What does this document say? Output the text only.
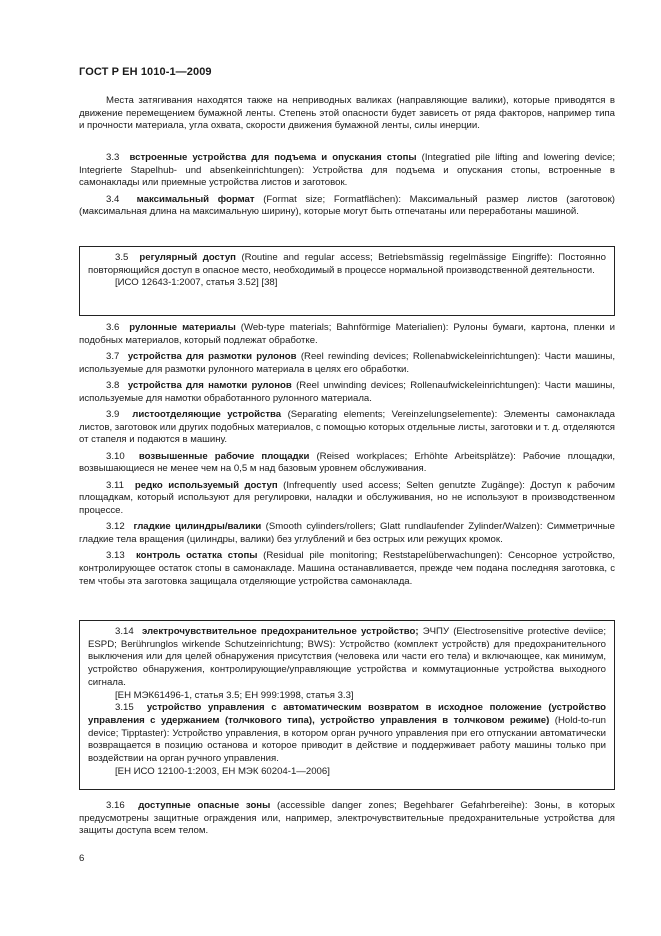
ГОСТ Р ЕН 1010-1—2009

Места затягивания находятся также на неприводных валиках (направляющие валики), которые приводятся в движение перемещением бумажной ленты. Степень этой опасности будет зависеть от ряда факторов, например типа и прочности материала, угла охвата, скорости движения бумажной ленты, силы инерции.

3.3 встроенные устройства для подъема и опускания стопы (Integratied pile lifting and lowering device; Integrierte Stapelhub- und absenkeinrichtungen): Устройства для подъема и опускания стопы, встроенные в самонаклады или приемные устройства листов и заготовок.

3.4 максимальный формат (Format size; Formatflächen): Максимальный размер листов (заготовок) (максимальная длина на максимальную ширину), которые могут быть отпечатаны или переработаны машиной.

3.5 регулярный доступ (Routine and regular access; Betriebsmässig regelmässige Eingriffe): Постоянно повторяющийся доступ в опасное место, необходимый в процессе нормальной производственной деятельности.

[ИСО 12643-1:2007, статья 3.52] [38]

3.6 рулонные материалы (Web-type materials; Bahnförmige Materialien): Рулоны бумаги, картона, пленки и подобных материалов, который подлежат обработке.

3.7 устройства для размотки рулонов (Reel rewinding devices; Rollenabwickeleinrichtungen): Части машины, используемые для размотки рулонного материала в целях его обработки.

3.8 устройства для намотки рулонов (Reel unwinding devices; Rollenaufwickeleinrichtungen): Части машины, используемые для намотки обработанного рулонного материала.

3.9 листоотделяющие устройства (Separating elements; Vereinzelungselemente): Элементы самонаклада листов, заготовок или других подобных материалов, с помощью которых отдельные листы, заготовки и т. д. отделяются от стапеля и подаются в машину.

3.10 возвышенные рабочие площадки (Reised workplaces; Erhöhte Arbeitsplätze): Рабочие площадки, возвышающиеся не менее чем на 0,5 м над базовым уровнем обслуживания.

3.11 редко используемый доступ (Infrequently used access; Selten genutzte Zugänge): Доступ к рабочим площадкам, который используют для регулировки, наладки и обслуживания, но не используют в производственном процессе.

3.12 гладкие цилиндры/валики (Smooth cylinders/rollers; Glatt rundlaufender Zylinder/Walzen): Симметричные гладкие тела вращения (цилиндры, валики) без углублений и без острых или режущих кромок.

3.13 контроль остатка стопы (Residual pile monitoring; Reststapelüberwachungen): Сенсорное устройство, контролирующее остаток стопы в самонакладе. Машина останавливается, прежде чем подана последняя заготовка, с тем чтобы эта заготовка защищала отделяющие устройства самонаклада.

3.14 электрочувствительное предохранительное устройство; ЭЧПУ (Electrosensitive protective deviice; ESPD; Berührunglos wirkende Schutzeinrichtung; BWS): Устройство (комплект устройств) для предохранительного выключения или для целей обнаружения присутствия (человека или части его тела) и включающее, как минимум, устройство обнаружения, контролирующие/управляющие устройства и коммутационные устройства выходного сигнала.

[ЕН МЭК61496-1, статья 3.5; ЕН 999:1998, статья 3.3]

3.15 устройство управления с автоматическим возвратом в исходное положение (устройство управления с удержанием (толчкового типа), устройство управления в толчковом режиме) (Hold-to-run device; Tipptaster): Устройство управления, в котором орган ручного управления при его отпускании автоматически возвращается в позицию останова и которое приводит в действие и поддерживает работу машины только при воздействии на орган ручного управления.

[ЕН ИСО 12100-1:2003, ЕН МЭК 60204-1—2006]

3.16 доступные опасные зоны (accessible danger zones; Begehbarer Gefahrbereihe): Зоны, в которых предусмотрены защитные ограждения или, например, электрочувствительные предохранительные устройства для защиты доступа всем телом.

6
